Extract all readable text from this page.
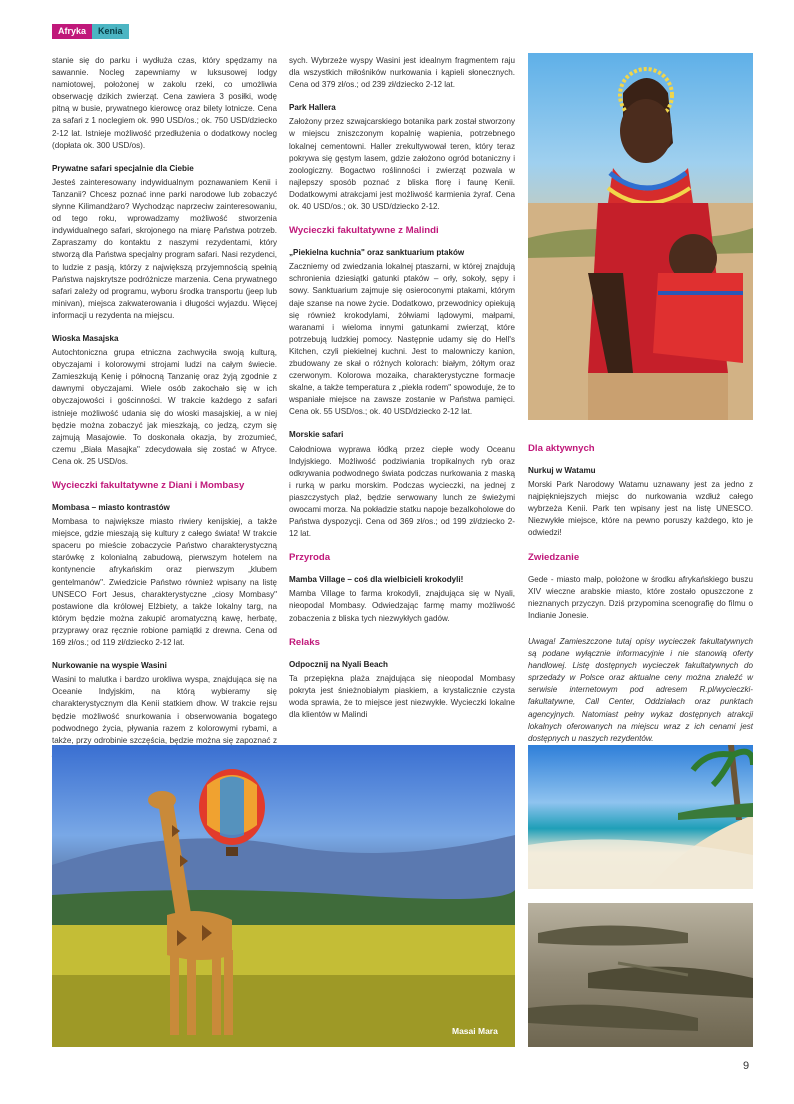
Afryka	Kenia
stanie się do parku i wydłuża czas, który spędzamy na sawannie. Nocleg zapewniamy w luksusowej lodgy namiotowej, położonej w zakolu rzeki, co umożliwia obserwację dzikich zwierząt. Cena zawiera 3 posiłki, wodę pitną w busie, prywatnego kierowcę oraz bilety lotnicze. Cena za safari z 1 noclegiem ok. 990 USD/os.; ok. 750 USD/dziecko 2-12 lat. Istnieje możliwość przedłużenia o dodatkowy nocleg (dopłata ok. 300 USD/os).
Prywatne safari specjalnie dla Ciebie
Jesteś zainteresowany indywidualnym poznawaniem Kenii i Tanzanii? Chcesz poznać inne parki narodowe lub zobaczyć słynne Kilimandżaro? Wychodząc naprzeciw zainteresowaniu, od tego roku, wprowadzamy możliwość stworzenia indywidualnego safari, skrojonego na miarę Państwa potrzeb. Zapraszamy do kontaktu z naszymi rezydentami, który stworzą dla Państwa specjalny program safari. Nasi rezydenci, to ludzie z pasją, którzy z największą przyjemnością spełnią Państwa najskrytsze podróżnicze marzenia. Cena prywatnego safari zależy od programu, wyboru środka transportu (jeep lub minivan), miejsca zakwaterowania i długości wyjazdu. Więcej informacji u rezydenta na miejscu.
Wioska Masajska
Autochtoniczna grupa etniczna zachwyciła swoją kulturą, obyczajami i kolorowymi strojami ludzi na całym świecie. Zamieszkują Kenię i północną Tanzanię oraz żyją zgodnie z dawnymi obyczajami. Wiele osób zakochało się w ich obyczajowości i gościnności. W trakcie każdego z safari istnieje możliwość udania się do wioski masajskiej, a w niej będzie można zobaczyć jak mieszkają, co jedzą, czym się zajmują Masajowie. To doskonała okazja, by zrozumieć, czemu „Biała Masajka" zdecydowała się zostać w Afryce. Cena ok. 25 USD/os.
Wycieczki fakultatywne z Diani i Mombasy
Mombasa – miasto kontrastów
Mombasa to największe miasto riwiery kenijskiej, a także miejsce, gdzie mieszają się kultury z całego świata! W trakcie spaceru po mieście zobaczycie Państwo charakterystyczną starówkę z kolonialną zabudową, pierwszym hotelem na kontynencie afrykańskim oraz pierwszym „klubem gentelmanów". Zwiedzicie Państwo również wpisany na listę UNSECO Fort Jesus, charakterystyczne „ciosy Mombasy" postawione dla królowej Elżbiety, a także lokalny targ, na którym będzie można zakupić aromatyczną kawę, herbatę, przyprawy oraz ręcznie robione pamiątki z drewna. Cena od 169 zł/os.; od 119 zł/dziecko 2-12 lat.
Nurkowanie na wyspie Wasini
Wasini to malutka i bardzo urokliwa wyspa, znajdująca się na Oceanie Indyjskim, na którą wybieramy się charakterystycznym dla Kenii statkiem dhow. W trakcie rejsu będzie możliwość snurkowania i obserwowania bogatego podwodnego życia, pływania razem z kolorowymi rybami, a także, przy odrobinie szczęścia, będzie można się zapoznać z
sych. Wybrzeże wyspy Wasini jest idealnym fragmentem raju dla wszystkich miłośników nurkowania i kąpieli słonecznych. Cena od 379 zł/os.; od 239 zł/dziecko 2-12 lat.
Park Hallera
Założony przez szwajcarskiego botanika park został stworzony w miejscu zniszczonym kopalnię wapienia, potrzebnego lokalnej cementowni. Haller zrekultywował teren, który teraz pokrywa się gęstym lasem, gdzie założono ogród botaniczny i zoologiczny. Bogactwo roślinności i zwierząt pozwala w najlepszy sposób poznać z bliska florę i faunę Kenii. Dodatkowymi atrakcjami jest możliwość karmienia żyraf. Cena ok. 40 USD/os.; ok. 30 USD/dziecko 2-12.
Wycieczki fakultatywne z Malindi
„Piekielna kuchnia" oraz sanktuarium ptaków
Zaczniemy od zwiedzania lokalnej ptaszarni, w której znajdują schronienia dziesiątki gatunki ptaków – orły, sokoły, sępy i sowy. Sanktuarium zajmuje się osieroconymi ptakami, którym daje szanse na nowe życie. Dodatkowo, przewodnicy opiekują się również krokodylami, żółwiami lądowymi, małpami, waranami i wieloma innymi gatunkami zwierząt, które potrzebują ludzkiej pomocy. Następnie udamy się do Hell's Kitchen, czyli piekielnej kuchni. Jest to malowniczy kanion, zbudowany ze skał o różnych kolorach: białym, żółtym oraz czerwonym. Kolorowa mozaika, charakterystyczne formacje skalne, a także temperatura z „piekła rodem" spowoduje, że to wspaniałe miejsce na zawsze zostanie w Państwa pamięci. Cena ok. 55 USD/os.; ok. 40 USD/dziecko 2-12 lat.
Morskie safari
Całodniowa wyprawa łódką przez ciepłe wody Oceanu Indyjskiego. Możliwość podziwiania tropikalnych ryb oraz odkrywania podwodnego świata podczas nurkowania z maską i rurką w parku morskim. Podczas wycieczki, na jednej z piaszczystych plaż, będzie serwowany lunch ze świeżymi owocami morza. Na pokładzie statku napoje bezalkoholowe do Państwa dyspozycji. Cena od 369 zł/os.; od 199 zł/dziecko 2-12 lat.
Przyroda
Mamba Village – coś dla wielbicieli krokodyli!
Mamba Village to farma krokodyli, znajdująca się w Nyali, nieopodal Mombasy. Odwiedzając farmę mamy możliwość zobaczenia z bliska tych niezwykłych gadów.
Relaks
Odpocznij na Nyali Beach
Ta przepiękna plaża znajdująca się nieopodal Mombasy pokryta jest śnieżnobiałym piaskiem, a krystalicznie czysta woda sprawia, że to miejsce jest niezwykłe. Wycieczki lokalne dla klientów w Malindi
Dla aktywnych
Nurkuj w Watamu
Morski Park Narodowy Watamu uznawany jest za jedno z najpiękniejszych miejsc do nurkowania wzdłuż całego wybrzeża Kenii. Park ten wpisany jest na listę UNESCO. Niezwykłe miejsce, które na pewno poruszy każdego, kto je odwiedzi!
Zwiedzanie
Gede - miasto małp, położone w środku afrykańskiego buszu XIV wieczne arabskie miasto, które zostało opuszczone z nieznanych przyczyn. Dziś przypomina scenografię do filmu o Indianie Jonesie.
Uwaga! Zamieszczone tutaj opisy wycieczek fakultatywnych są podane wyłącznie informacyjnie i nie stanowią oferty handlowej. Listę dostępnych wycieczek fakultatywnych do sprzedaży w Polsce oraz aktualne ceny można znaleźć w serwisie internetowym pod adresem R.pl/wycieczki-fakultatywne, Call Center, Oddziałach oraz punktach agencyjnych. Natomiast pełny wykaz dostępnych atrakcji lokalnych oferowanych na miejscu wraz z ich cenami jest dostępnych u naszych rezydentów.
Masai Mara
9
